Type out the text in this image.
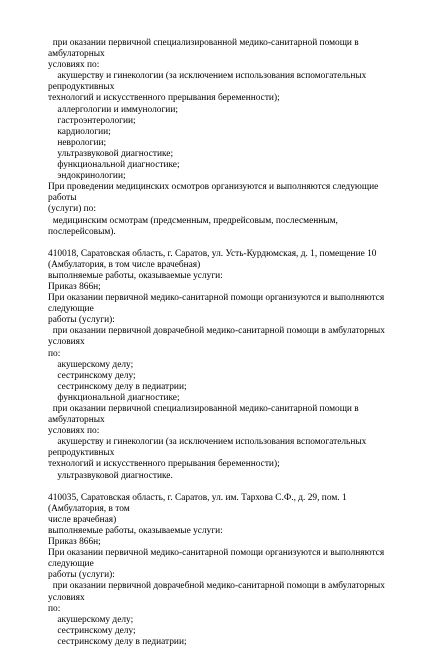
при оказании первичной специализированной медико-санитарной помощи в амбулаторных
условиях по:
акушерству и гинекологии (за исключением использования вспомогательных репродуктивных
технологий и искусственного прерывания беременности);
аллергологии и иммунологии;
гастроэнтерологии;
кардиологии;
неврологии;
ультразвуковой диагностике;
функциональной диагностике;
эндокринологии;
При проведении медицинских осмотров организуются и выполняются следующие работы
(услуги) по:
медицинским осмотрам (предсменным, предрейсовым, послесменным, послерейсовым).
410018, Саратовская область, г. Саратов, ул. Усть-Курдюмская, д. 1, помещение 10
(Амбулатория, в том числе врачебная)
выполняемые работы, оказываемые услуги:
Приказ 866н;
При оказании первичной медико-санитарной помощи организуются и выполняются следующие
работы (услуги):
при оказании первичной доврачебной медико-санитарной помощи в амбулаторных условиях
по:
акушерскому делу;
сестринскому делу;
сестринскому делу в педиатрии;
функциональной диагностике;
при оказании первичной специализированной медико-санитарной помощи в амбулаторных
условиях по:
акушерству и гинекологии (за исключением использования вспомогательных репродуктивных
технологий и искусственного прерывания беременности);
ультразвуковой диагностике.
410035, Саратовская область, г. Саратов, ул. им. Тархова С.Ф., д. 29, пом. 1 (Амбулатория, в том
числе врачебная)
выполняемые работы, оказываемые услуги:
Приказ 866н;
При оказании первичной медико-санитарной помощи организуются и выполняются следующие
работы (услуги):
при оказании первичной доврачебной медико-санитарной помощи в амбулаторных условиях
по:
акушерскому делу;
сестринскому делу;
сестринскому делу в педиатрии;
